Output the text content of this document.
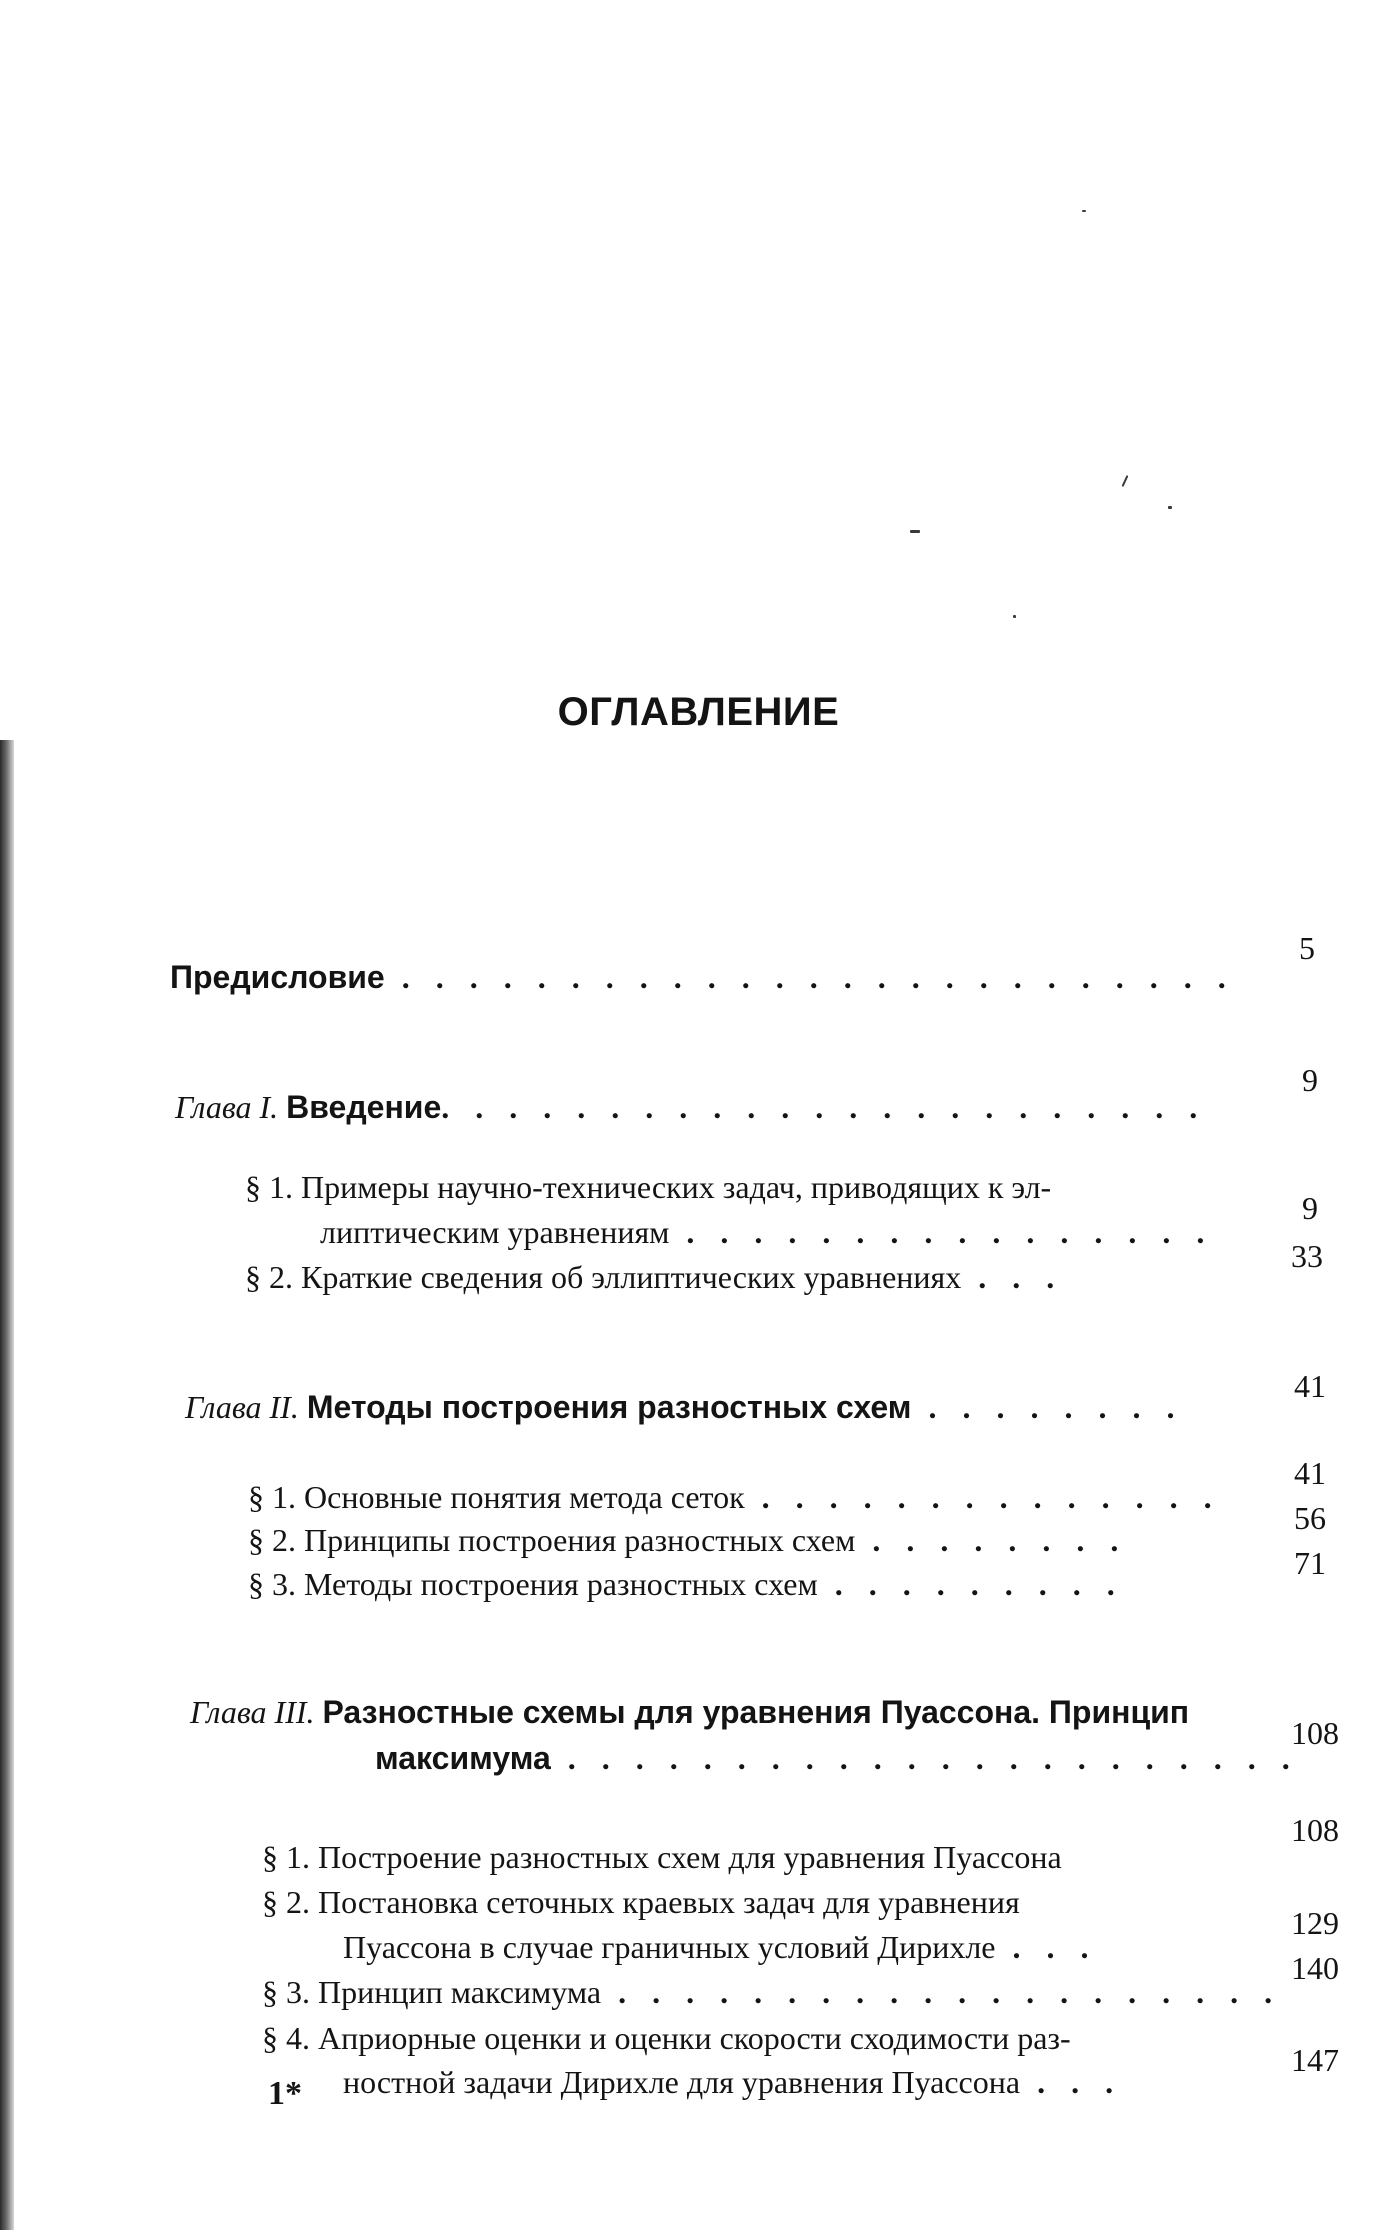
ОГЛАВЛЕНИЕ
Предисловие . . . . . . . . . . . . . . . . . . . . . . . . .
5
Глава I. Введение. . . . . . . . . . . . . . . . . . . . . . .
9
§ 1. Примеры научно-технических задач, приводящих к эл-
липтическим уравнениям . . . . . . . . . . . . . . . .
9
§ 2. Краткие сведения об эллиптических уравнениях . . .
33
Глава II. Методы построения разностных схем . . . . . . . .
41
§ 1. Основные понятия метода сеток . . . . . . . . . . . . . .
41
§ 2. Принципы построения разностных схем . . . . . . . .
56
§ 3. Методы построения разностных схем . . . . . . . . .
71
Глава III. Разностные схемы для уравнения Пуассона. Принцип
максимума . . . . . . . . . . . . . . . . . . . . . .
108
§ 1. Построение разностных схем для уравнения Пуассона
108
§ 2. Постановка сеточных краевых задач для уравнения
Пуассона в случае граничных условий Дирихле . . .
129
§ 3. Принцип максимума . . . . . . . . . . . . . . . . . . . .
140
§ 4. Априорные оценки и оценки скорости сходимости раз-
ностной задачи Дирихле для уравнения Пуассона . . .
147
1*
